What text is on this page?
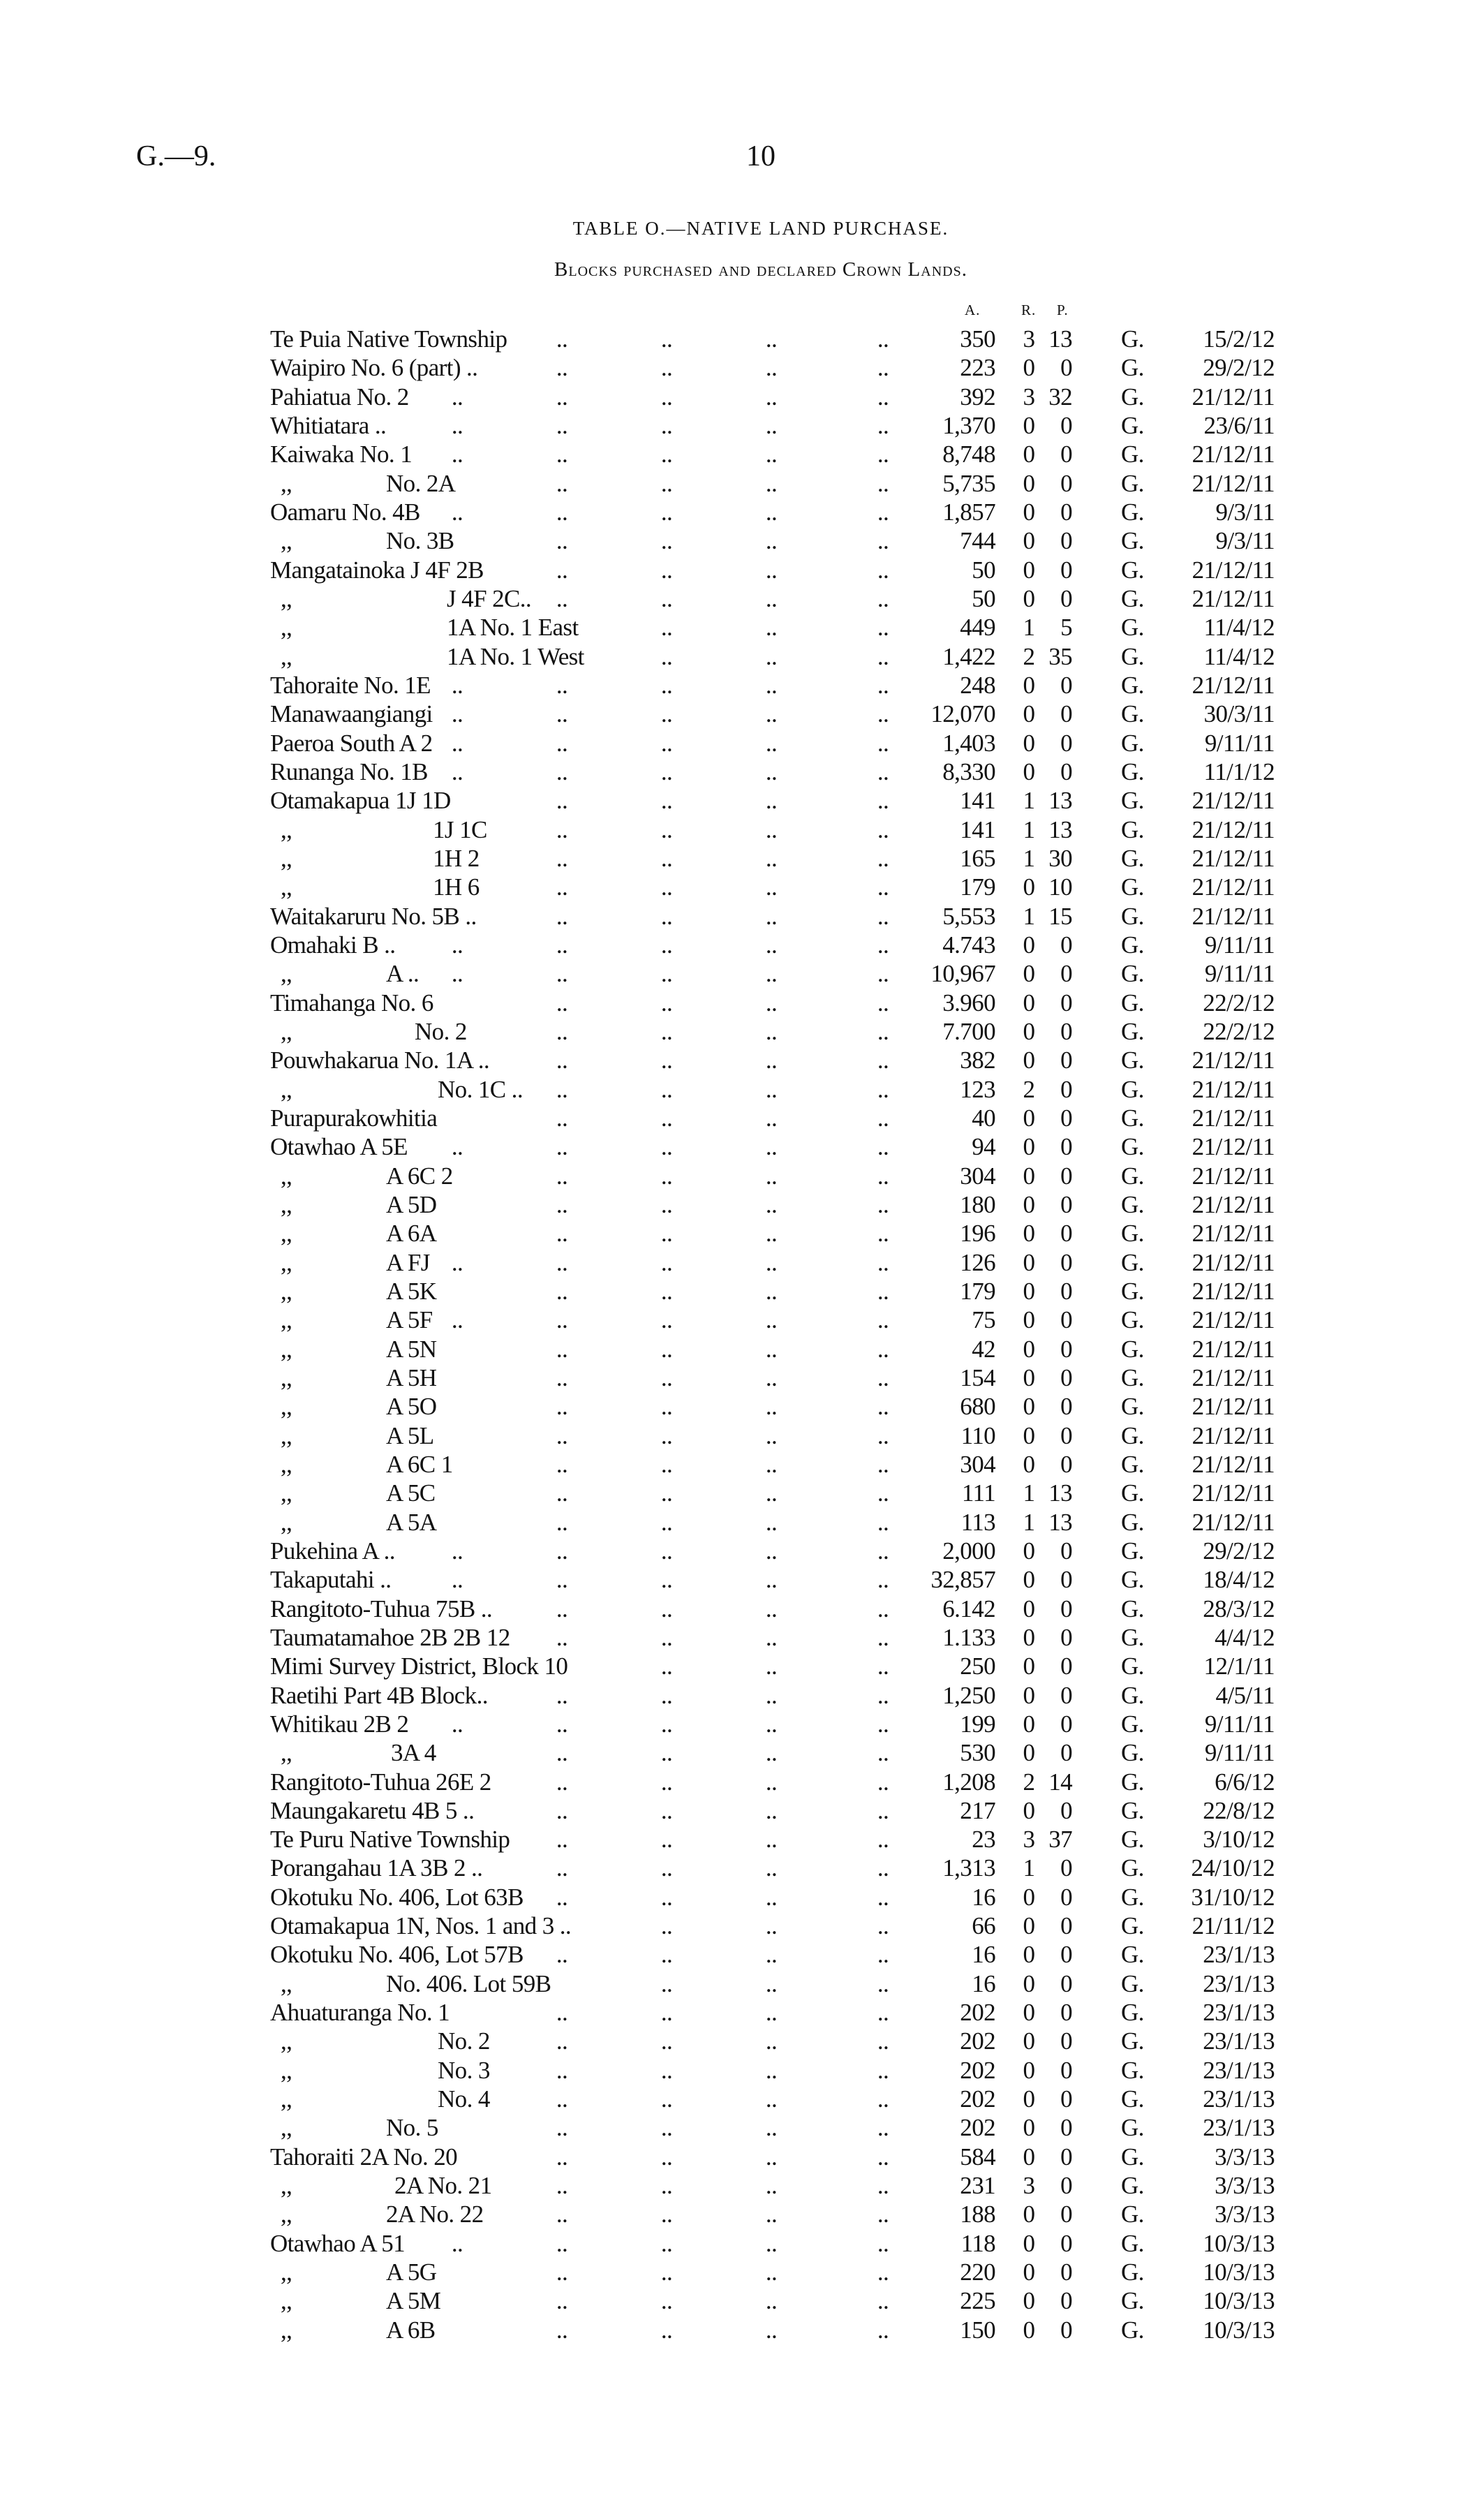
G.—9.	10
TABLE O.—NATIVE LAND PURCHASE.
Blocks purchased and declared Crown Lands.
A.	R. P.
Te Puia Native Township ..	..	..	..	350 3 13 G. 15/2/12
Waipiro No. 6 (part) ..	..	..	..	..	223 0 0 G. 29/2/12
Pahiatua No. 2 ..	..	..	..	..	392 3 32 G. 21/12/11
Whitiatara ..	..	..	..	..	.. 1,370 0 0 G. 23/6/11
Kaiwaka No. 1 ..	..	..	..	.. 8,748 0 0 G. 21/12/11
,,	No. 2A	..	..	..	.. 5,735 0 0 G. 21/12/11
Oamaru No. 4B ..	..	..	..	.. 1,857 0 0 G.	9/3/11
,,	No. 3B	..	..	..	..	744 0 0 G.	9/3/11
Mangatainoka J 4F 2B	..	..	..	..	50 0 0 G. 21/12/11
,,	J 4F 2C.. ..	..	..	..	50 0 0 G. 21/12/11
,,	1A No. 1 East	..	..	..	449 1 5 G. 11/4/12
,,	1A No. 1 West	..	..	.. 1,422 2 35 G. 11/4/12
Tahoraite No. 1E ..	..	..	..	..	248 0 0 G. 21/12/11
Manawaangiangi ..	..	..	..	.. 12,070 0 0 G. 30/3/11
Paeroa South A 2 ..	..	..	..	.. 1,403 0 0 G. 9/11/11
Runanga No. 1B ..	..	..	..	.. 8,330 0 0 G. 11/1/12
Otamakapua 1J 1D	..	..	..	..	141 1 13 G. 21/12/11
,,	1J 1C	..	..	..	..	141 1 13 G. 21/12/11
,,	1H 2	..	..	..	..	165 1 30 G. 21/12/11
,,	1H 6	..	..	..	..	179 0 10 G. 21/12/11
Waitakaruru No. 5B ..	..	..	..	.. 5,553 1 15 G. 21/12/11
Omahaki B .. ..	..	..	..	.. 4.743 0 0 G. 9/11/11
,,	A .. ..	..	..	..	.. 10,967 0 0 G. 9/11/11
Timahanga No. 6	..	..	..	.. 3.960 0 0 G. 22/2/12
,,	No. 2	..	..	..	.. 7.700 0 0 G. 22/2/12
Pouwhakarua No. 1A ..	..	..	..	..	382 0 0 G. 21/12/11
,,	No. 1C .. ..	..	..	..	123 2 0 G. 21/12/11
Purapurakowhitia	..	..	..	..	40 0 0 G. 21/12/11
Otawhao A 5E ..	..	..	..	..	94 0 0 G. 21/12/11
,,	A 6C 2	..	..	..	..	304 0 0 G. 21/12/11
,,	A 5D	..	..	..	..	180 0 0 G. 21/12/11
,,	A 6A	..	..	..	..	196 0 0 G. 21/12/11
,,	A FJ ..	..	..	..	..	126 0 0 G. 21/12/11
,,	A 5K	..	..	..	..	179 0 0 G. 21/12/11
,,	A 5F ..	..	..	..	..	75 0 0 G. 21/12/11
,,	A 5N	..	..	..	..	42 0 0 G. 21/12/11
,,	A 5H	..	..	..	..	154 0 0 G. 21/12/11
,,	A 5O	..	..	..	..	680 0 0 G. 21/12/11
,,	A 5L	..	..	..	..	110 0 0 G. 21/12/11
,,	A 6C 1	..	..	..	..	304 0 0 G. 21/12/11
,,	A 5C	..	..	..	..	111 1 13 G. 21/12/11
,,	A 5A	..	..	..	..	113 1 13 G. 21/12/11
Pukehina A .. ..	..	..	..	.. 2,000 0 0 G. 29/2/12
Takaputahi .. ..	..	..	..	.. 32,857 0 0 G. 18/4/12
Rangitoto-Tuhua 75B ..	..	..	..	.. 6.142 0 0 G. 28/3/12
Taumatamahoe 2B 2B 12 ..	..	..	.. 1.133 0 0 G.	4/4/12
Mimi Survey District, Block 10	..	..	..	250 0 0 G. 12/1/11
Raetihi Part 4B Block..	..	..	..	.. 1,250 0 0 G.	4/5/11
Whitikau 2B 2 ..	..	..	..	..	199 0 0 G. 9/11/11
,,	3A 4	..	..	..	..	530 0 0 G. 9/11/11
Rangitoto-Tuhua 26E 2	..	..	..	.. 1,208 2 14 G.	6/6/12
Maungakaretu 4B 5 ..	..	..	..	..	217 0 0 G. 22/8/12
Te Puru Native Township ..	..	..	..	23 3 37 G. 3/10/12
Porangahau 1A 3B 2 ..	..	..	..	.. 1,313 1 0 G. 24/10/12
Okotuku No. 406, Lot 63B ..	..	..	..	16 0 0 G. 31/10/12
Otamakapua 1N, Nos. 1 and 3 ..	..	..	..	66 0 0 G. 21/11/12
Okotuku No. 406, Lot 57B ..	..	..	..	16 0 0 G. 23/1/13
,,	No. 406. Lot 59B	..	..	..	16 0 0 G. 23/1/13
Ahuaturanga No. 1	..	..	..	..	202 0 0 G. 23/1/13
,,	No. 2	..	..	..	..	202 0 0 G. 23/1/13
,,	No. 3	..	..	..	..	202 0 0 G. 23/1/13
,,	No. 4	..	..	..	..	202 0 0 G. 23/1/13
,,	No. 5	..	..	..	..	202 0 0 G. 23/1/13
Tahoraiti 2A No. 20	..	..	..	..	584 0 0 G.	3/3/13
,,	2A No. 21	..	..	..	..	231 3 0 G.	3/3/13
,,	2A No. 22	..	..	..	..	188 0 0 G.	3/3/13
Otawhao A 51 ..	..	..	..	..	118 0 0 G. 10/3/13
,,	A 5G	..	..	..	..	220 0 0 G. 10/3/13
,,	A 5M	..	..	..	..	225 0 0 G. 10/3/13
,,	A 6B	..	..	..	..	150 0 0 G. 10/3/13
